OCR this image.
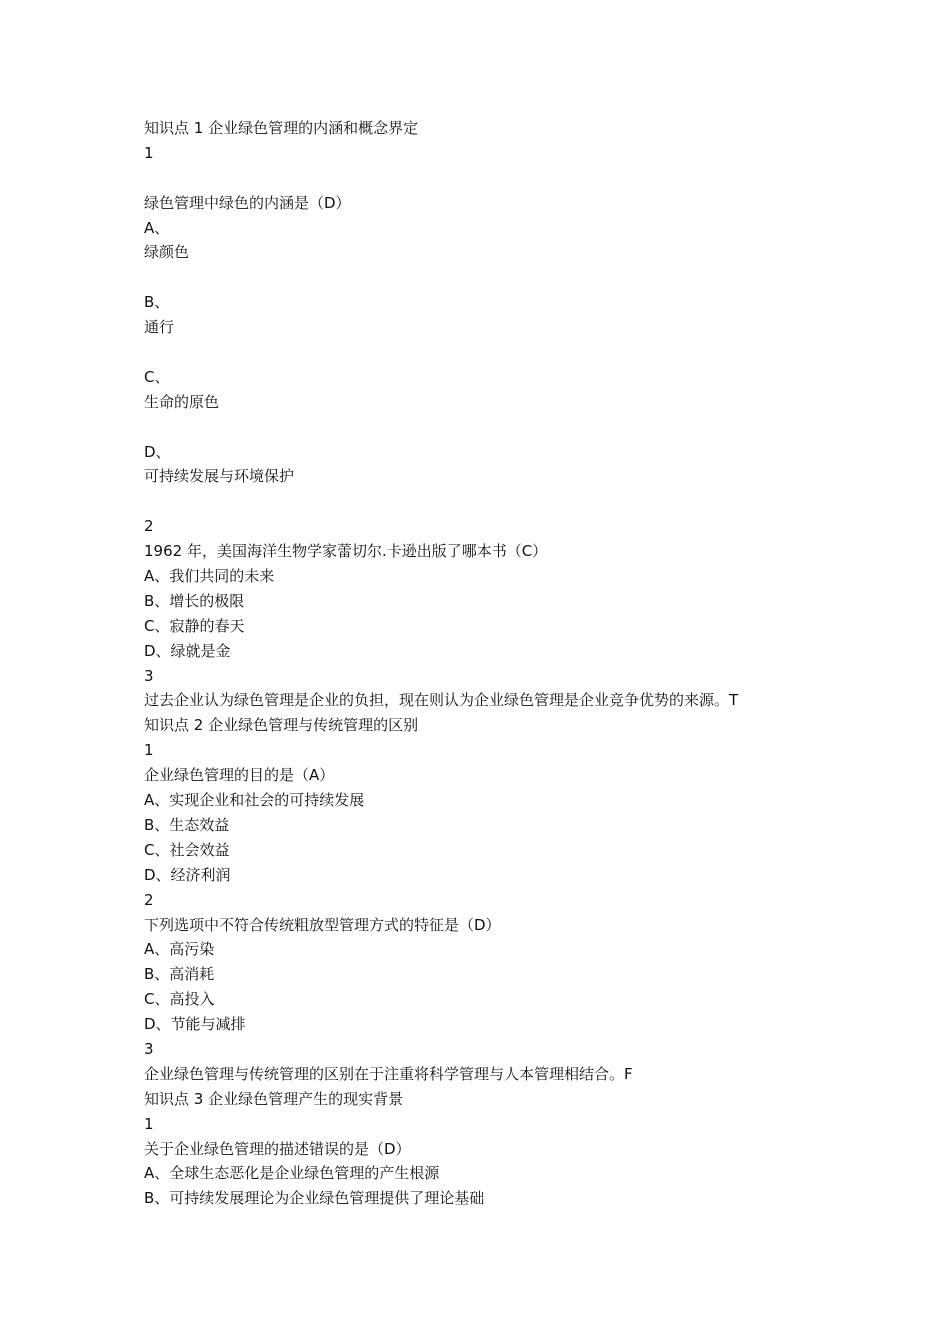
知识点 1 企业绿色管理的内涵和概念界定
1
绿色管理中绿色的内涵是（D）
A、
绿颜色
B、
通行
C、
生命的原色
D、
可持续发展与环境保护
2
1962 年，美国海洋生物学家蕾切尔.卡逊出版了哪本书（C）
A、我们共同的未来
B、增长的极限
C、寂静的春天
D、绿就是金
3
过去企业认为绿色管理是企业的负担，现在则认为企业绿色管理是企业竞争优势的来源。T
知识点 2 企业绿色管理与传统管理的区别
1
企业绿色管理的目的是（A）
A、实现企业和社会的可持续发展
B、生态效益
C、社会效益
D、经济利润
2
下列选项中不符合传统粗放型管理方式的特征是（D）
A、高污染
B、高消耗
C、高投入
D、节能与减排
3
企业绿色管理与传统管理的区别在于注重将科学管理与人本管理相结合。F
知识点 3 企业绿色管理产生的现实背景
1
关于企业绿色管理的描述错误的是（D）
A、全球生态恶化是企业绿色管理的产生根源
B、可持续发展理论为企业绿色管理提供了理论基础
